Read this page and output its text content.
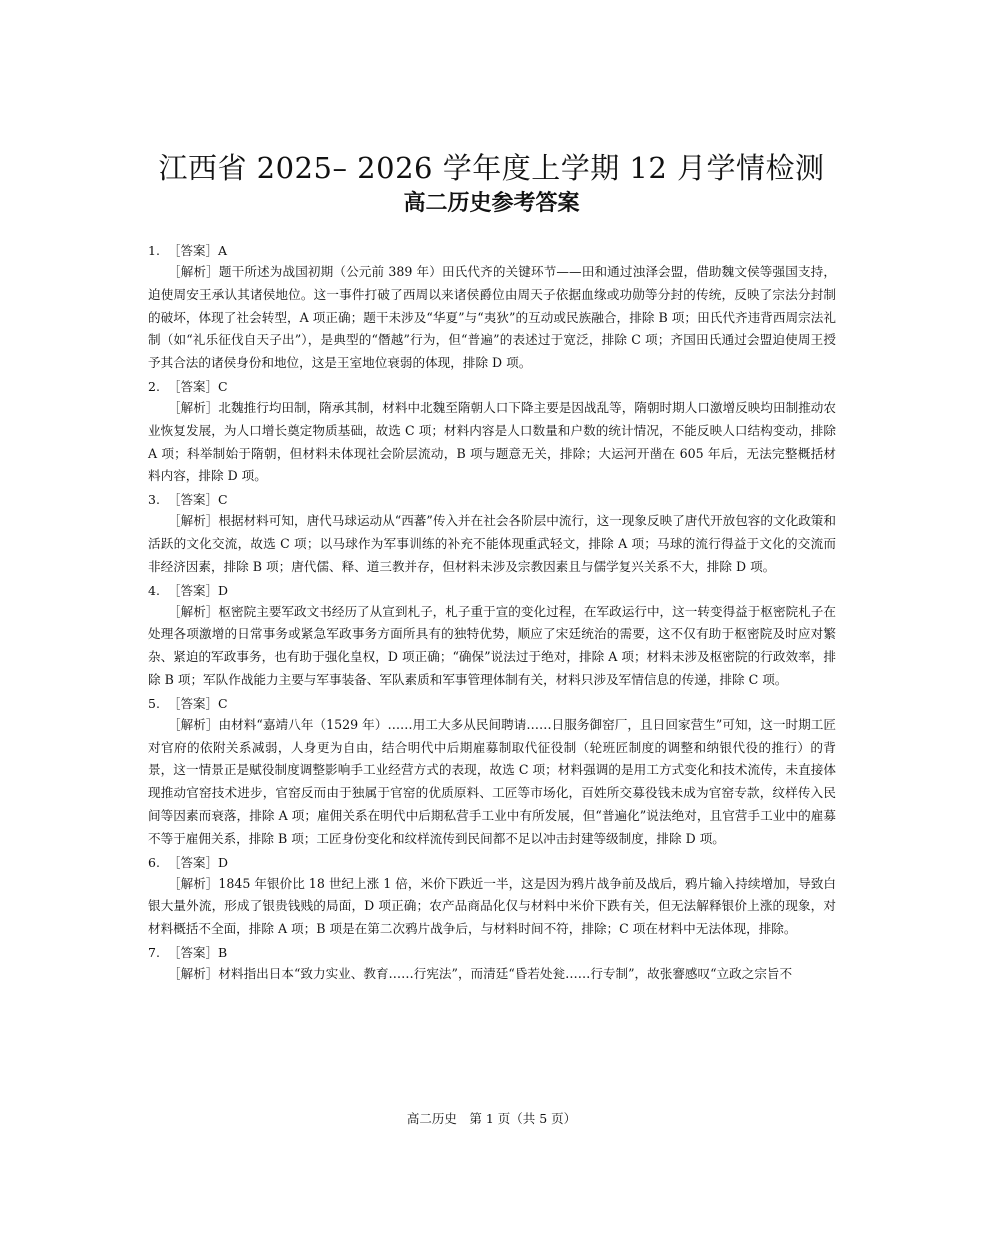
江西省 2025– 2026 学年度上学期 12 月学情检测
高二历史参考答案
1. ［答案］A

［解析］题干所述为战国初期（公元前 389 年）田氏代齐的关键环节——田和通过浊泽会盟，借助魏文侯等强国支持，迫使周安王承认其诸侯地位。这一事件打破了西周以来诸侯爵位由周天子依据血缘或功勋等分封的传统，反映了宗法分封制的破坏，体现了社会转型，A 项正确；题干未涉及“华夏”与“夷狄”的互动或民族融合，排除 B 项；田氏代齐违背西周宗法礼制（如“礼乐征伐自天子出”），是典型的“僭越”行为，但“普遍”的表述过于宽泛，排除 C 项；齐国田氏通过会盟迫使周王授予其合法的诸侯身份和地位，这是王室地位衰弱的体现，排除 D 项。

2. ［答案］C

［解析］北魏推行均田制，隋承其制，材料中北魏至隋朝人口下降主要是因战乱等，隋朝时期人口激增反映均田制推动农业恢复发展，为人口增长奠定物质基础，故选 C 项；材料内容是人口数量和户数的统计情况，不能反映人口结构变动，排除 A 项；科举制始于隋朝，但材料未体现社会阶层流动，B 项与题意无关，排除；大运河开凿在 605 年后，无法完整概括材料内容，排除 D 项。

3. ［答案］C

［解析］根据材料可知，唐代马球运动从“西蕃”传入并在社会各阶层中流行，这一现象反映了唐代开放包容的文化政策和活跃的文化交流，故选 C 项；以马球作为军事训练的补充不能体现重武轻文，排除 A 项；马球的流行得益于文化的交流而非经济因素，排除 B 项；唐代儒、释、道三教并存，但材料未涉及宗教因素且与儒学复兴关系不大，排除 D 项。

4. ［答案］D

［解析］枢密院主要军政文书经历了从宣到札子，札子重于宣的变化过程，在军政运行中，这一转变得益于枢密院札子在处理各项激增的日常事务或紧急军政事务方面所具有的独特优势，顺应了宋廷统治的需要，这不仅有助于枢密院及时应对繁杂、紧迫的军政事务，也有助于强化皇权，D 项正确；“确保”说法过于绝对，排除 A 项；材料未涉及枢密院的行政效率，排除 B 项；军队作战能力主要与军事装备、军队素质和军事管理体制有关，材料只涉及军情信息的传递，排除 C 项。

5. ［答案］C

［解析］由材料“嘉靖八年（1529 年）……用工大多从民间聘请……日服务御窑厂，且日回家营生”可知，这一时期工匠对官府的依附关系减弱，人身更为自由，结合明代中后期雇募制取代征役制（轮班匠制度的调整和纳银代役的推行）的背景，这一情景正是赋役制度调整影响手工业经营方式的表现，故选 C 项；材料强调的是用工方式变化和技术流传，未直接体现推动官窑技术进步，官窑反而由于独属于官窑的优质原料、工匠等市场化，百姓所交募役钱未成为官窑专款，纹样传入民间等因素而衰落，排除 A 项；雇佣关系在明代中后期私营手工业中有所发展，但“普遍化”说法绝对，且官营手工业中的雇募不等于雇佣关系，排除 B 项；工匠身份变化和纹样流传到民间都不足以冲击封建等级制度，排除 D 项。

6. ［答案］D

［解析］1845 年银价比 18 世纪上涨 1 倍，米价下跌近一半，这是因为鸦片战争前及战后，鸦片输入持续增加，导致白银大量外流，形成了银贵钱贱的局面，D 项正确；农产品商品化仅与材料中米价下跌有关，但无法解释银价上涨的现象，对材料概括不全面，排除 A 项；B 项是在第二次鸦片战争后，与材料时间不符，排除；C 项在材料中无法体现，排除。

7. ［答案］B

［解析］材料指出日本“致力实业、教育……行宪法”，而清廷“昏若处瓮……行专制”，故张謇感叹“立政之宗旨不

高二历史　第 1 页（共 5 页）
